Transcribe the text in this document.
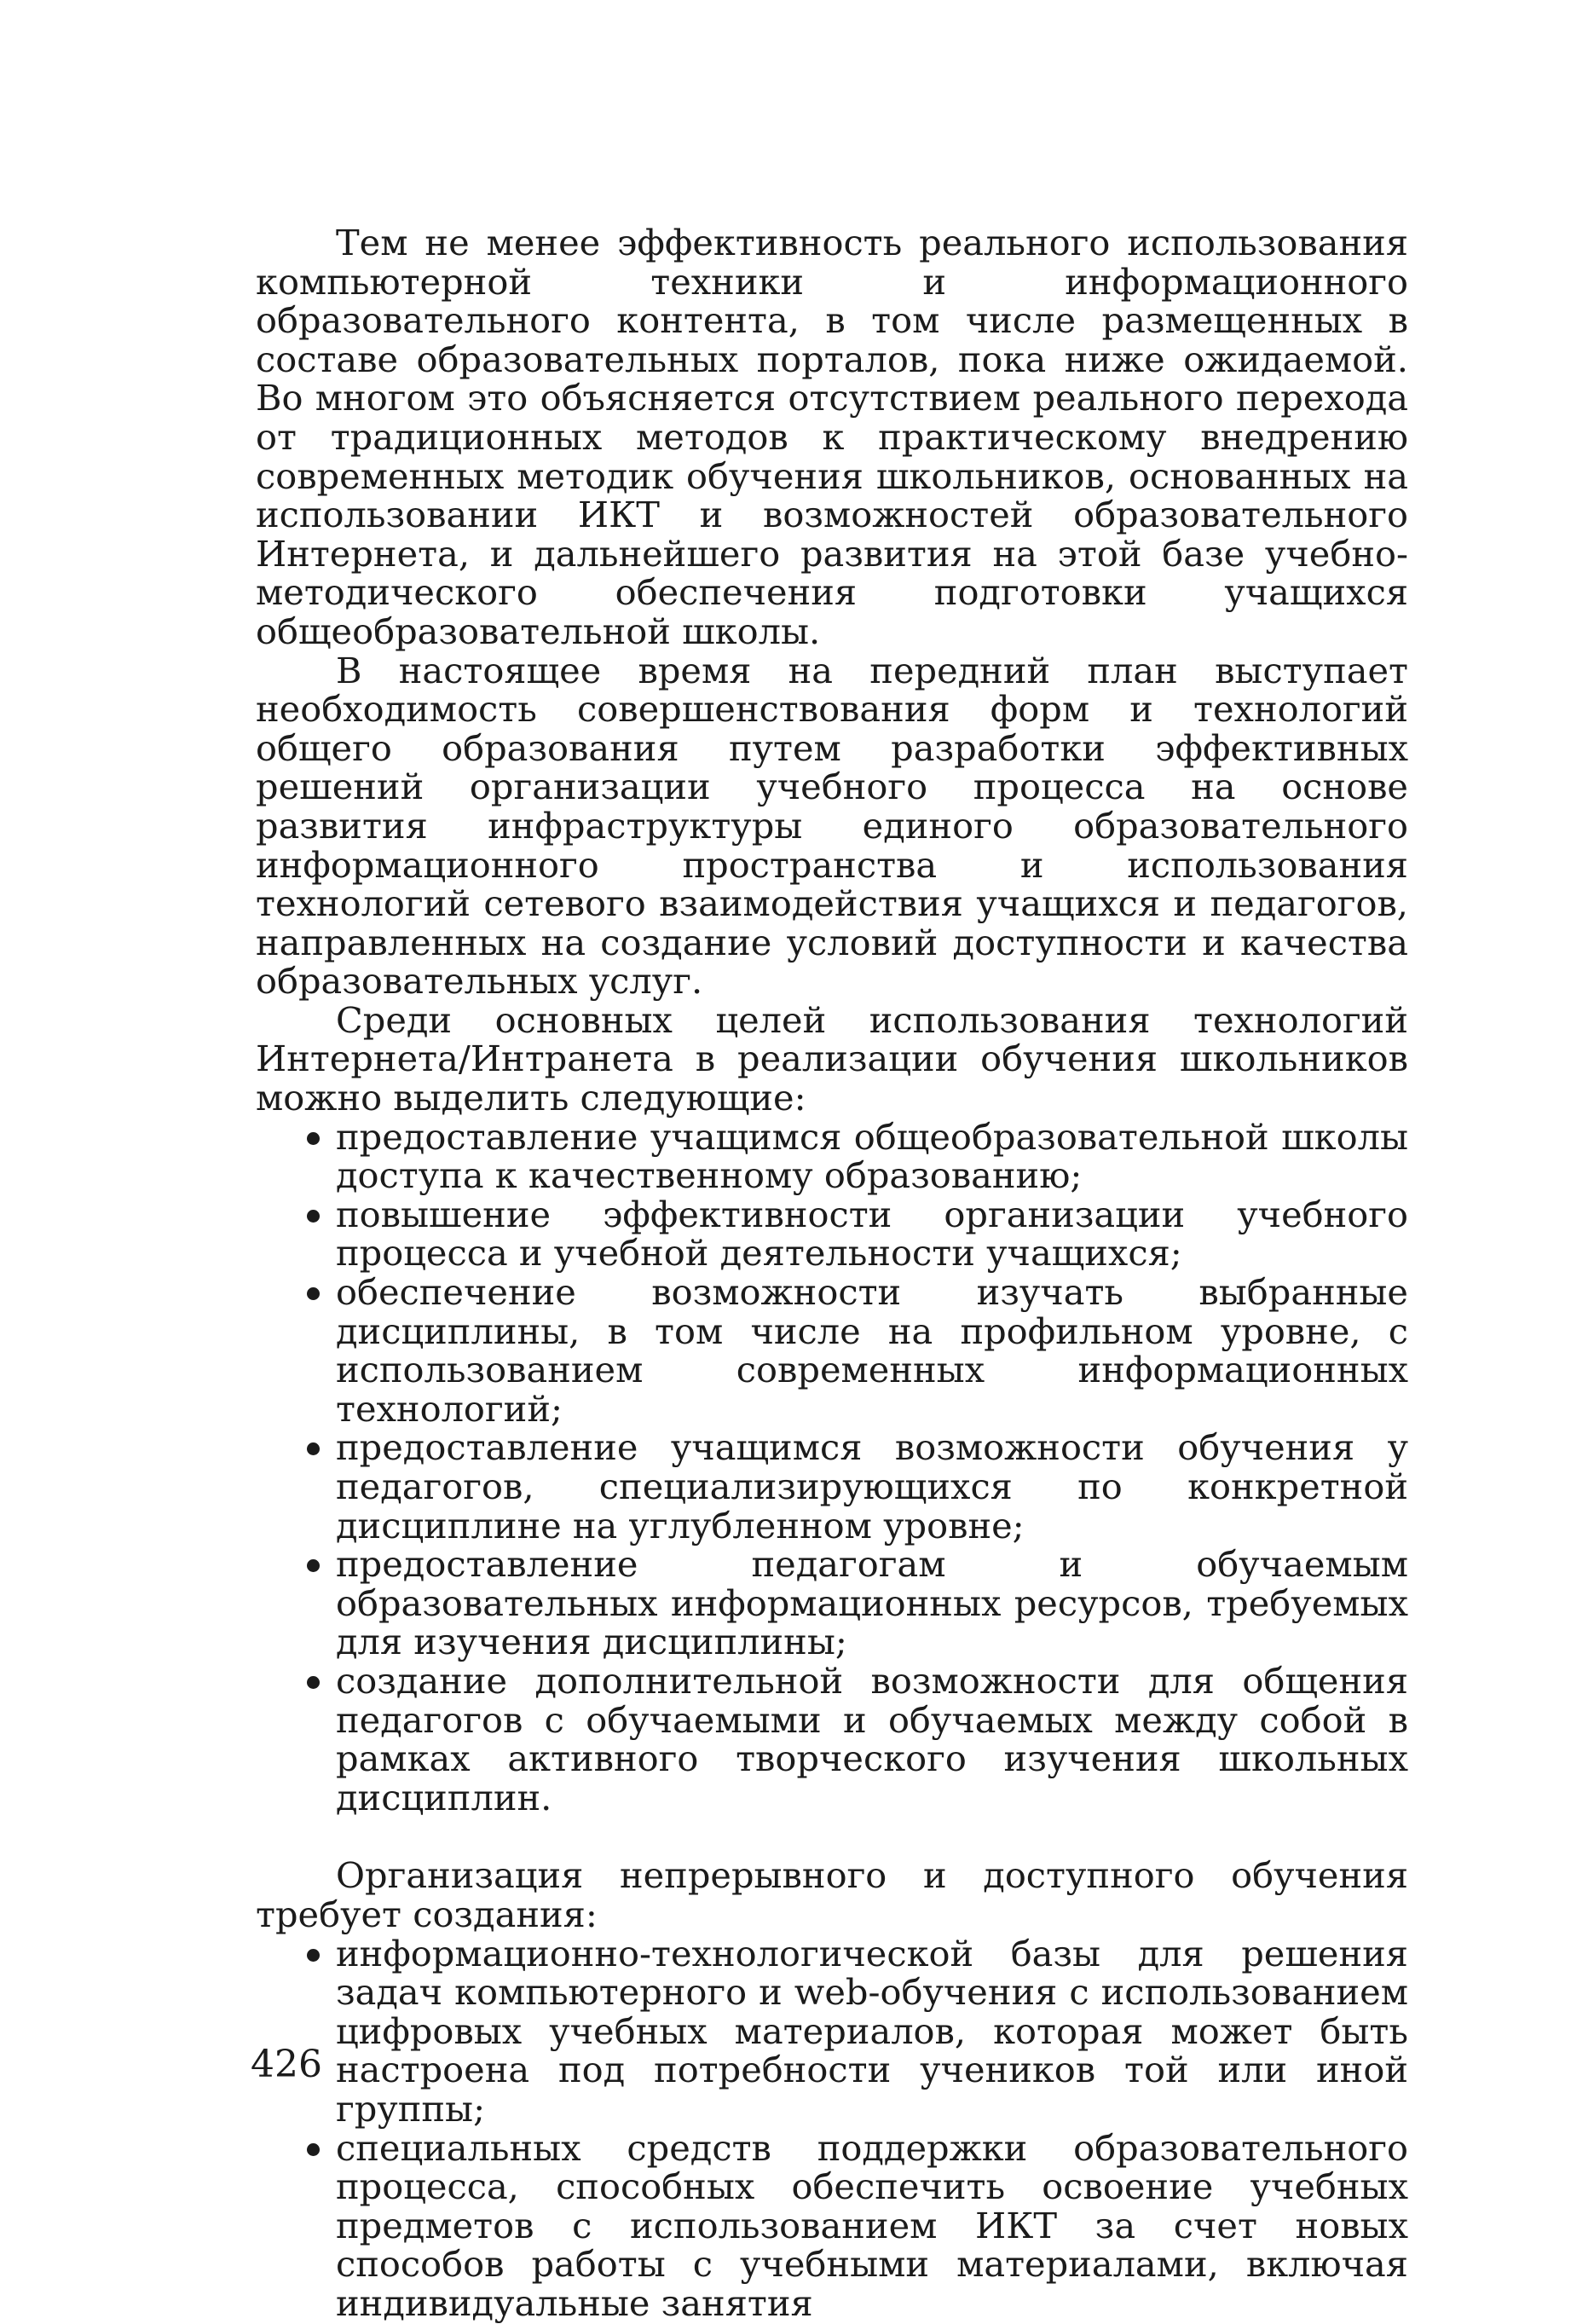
Тем не менее эффективность реального использования компьютерной техники и информационного образовательного контента, в том числе размещенных в составе образовательных порталов, пока ниже ожидаемой. Во многом это объясняется отсутствием реального перехода от традиционных методов к практическому внедрению современных методик обучения школьников, основанных на использовании ИКТ и возможностей образовательного Интернета, и дальнейшего развития на этой базе учебно-методического обеспечения подготовки учащихся общеобразовательной школы.

В настоящее время на передний план выступает необходимость совершенствования форм и технологий общего образования путем разработки эффективных решений организации учебного процесса на основе развития инфраструктуры единого образовательного информационного пространства и использования технологий сетевого взаимодействия учащихся и педагогов, направленных на создание условий доступности и качества образовательных услуг.

Среди основных целей использования технологий Интернета/Интранета в реализации обучения школьников можно выделить следующие:

предоставление учащимся общеобразовательной школы доступа к качественному образованию;
повышение эффективности организации учебного процесса и учебной деятельности учащихся;
обеспечение возможности изучать выбранные дисциплины, в том числе на профильном уровне, с использованием современных информационных технологий;
предоставление учащимся возможности обучения у педагогов, специализирующихся по конкретной дисциплине на углубленном уровне;
предоставление педагогам и обучаемым образовательных информационных ресурсов, требуемых для изучения дисциплины;
создание дополнительной возможности для общения педагогов с обучаемыми и обучаемых между собой в рамках активного творческого изучения школьных дисциплин.

Организация непрерывного и доступного обучения требует создания:

информационно-технологической базы для решения задач компьютерного и web-обучения с использованием цифровых учебных материалов, которая может быть настроена под потребности учеников той или иной группы;
специальных средств поддержки образовательного процесса, способных обеспечить освоение учебных предметов с использованием ИКТ за счет новых способов работы с учебными материалами, включая индивидуальные занятия
426
